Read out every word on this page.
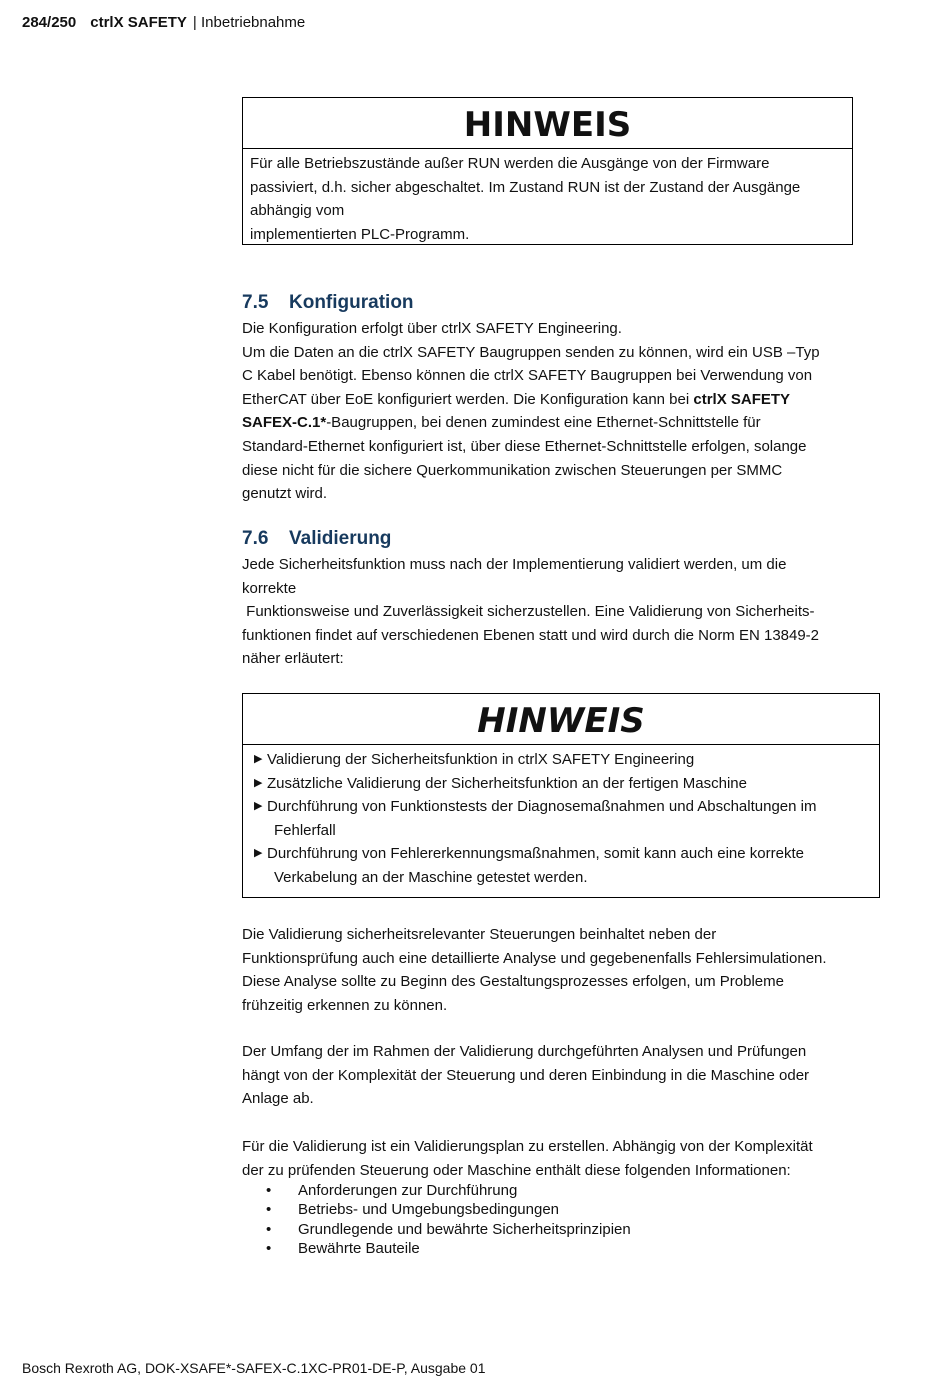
284/250 ctrlX SAFETY | Inbetriebnahme
HINWEIS
Für alle Betriebszustände außer RUN werden die Ausgänge von der Firmware
passiviert, d.h. sicher abgeschaltet. Im Zustand RUN ist der Zustand der Ausgänge
abhängig vom
implementierten PLC-Programm.
7.5 Konfiguration
Die Konfiguration erfolgt über ctrlX SAFETY Engineering.
Um die Daten an die ctrlX SAFETY Baugruppen senden zu können, wird ein USB –Typ
C Kabel benötigt. Ebenso können die ctrlX SAFETY Baugruppen bei Verwendung von
EtherCAT über EoE konfiguriert werden. Die Konfiguration kann bei ctrlX SAFETY
SAFEX-C.1*-Baugruppen, bei denen zumindest eine Ethernet-Schnittstelle für
Standard-Ethernet konfiguriert ist, über diese Ethernet-Schnittstelle erfolgen, solange
diese nicht für die sichere Querkommunikation zwischen Steuerungen per SMMC
genutzt wird.
7.6 Validierung
Jede Sicherheitsfunktion muss nach der Implementierung validiert werden, um die
korrekte
Funktionsweise und Zuverlässigkeit sicherzustellen. Eine Validierung von Sicherheits-
funktionen findet auf verschiedenen Ebenen statt und wird durch die Norm EN 13849-2
näher erläutert:
HINWEIS
▶ Validierung der Sicherheitsfunktion in ctrlX SAFETY Engineering
▶ Zusätzliche Validierung der Sicherheitsfunktion an der fertigen Maschine
▶ Durchführung von Funktionstests der Diagnosemaßnahmen und Abschaltungen im
Fehlerfall
▶ Durchführung von Fehlererkennungsmaßnahmen, somit kann auch eine korrekte
Verkabelung an der Maschine getestet werden.
Die Validierung sicherheitsrelevanter Steuerungen beinhaltet neben der
Funktionsprüfung auch eine detaillierte Analyse und gegebenenfalls Fehlersimulationen.
Diese Analyse sollte zu Beginn des Gestaltungsprozesses erfolgen, um Probleme
frühzeitig erkennen zu können.
Der Umfang der im Rahmen der Validierung durchgeführten Analysen und Prüfungen
hängt von der Komplexität der Steuerung und deren Einbindung in die Maschine oder
Anlage ab.
Für die Validierung ist ein Validierungsplan zu erstellen. Abhängig von der Komplexität
der zu prüfenden Steuerung oder Maschine enthält diese folgenden Informationen:
• Anforderungen zur Durchführung
• Betriebs- und Umgebungsbedingungen
• Grundlegende und bewährte Sicherheitsprinzipien
• Bewährte Bauteile
Bosch Rexroth AG, DOK-XSAFE*-SAFEX-C.1XC-PR01-DE-P, Ausgabe 01
